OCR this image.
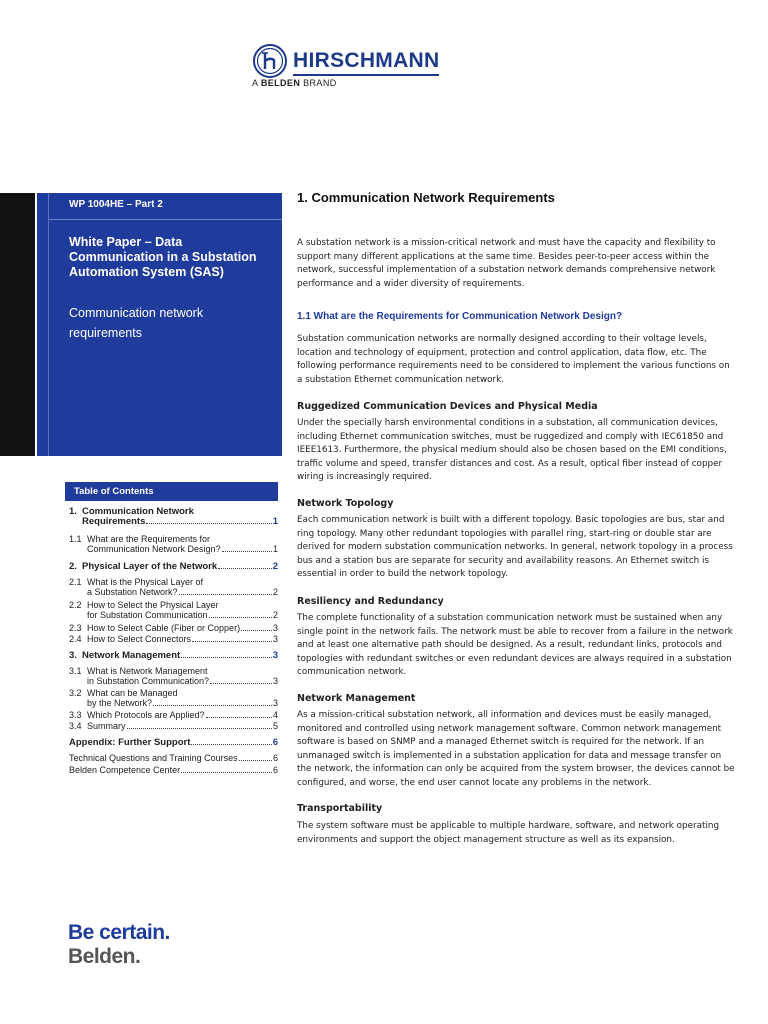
HIRSCHMANN
A BELDEN BRAND
WP 1004HE – Part 2
White Paper – Data Communication in a Substation Automation System (SAS)
Communication network requirements
Table of Contents
1. Communication Network
Requirements	1
1.1 What are the Requirements for
Communication Network Design?	1
2. Physical Layer of the Network	2
2.1 What is the Physical Layer of
a Substation Network?	2
2.2 How to Select the Physical Layer
for Substation Communication	2
2.3 How to Select Cable (Fiber or Copper)	3
2.4 How to Select Connectors	3
3. Network Management	3
3.1 What is Network Management
in Substation Communication?	3
3.2 What can be Managed
by the Network?	3
3.3 Which Protocols are Applied?	4
3.4 Summary	5
Appendix: Further Support	6
Technical Questions and Training Courses	6
Belden Competence Center	6
1. Communication Network Requirements
A substation network is a mission-critical network and must have the capacity and flexibility to support many different applications at the same time. Besides peer-to-peer access within the network, successful implementation of a substation network demands comprehensive network performance and a wider diversity of requirements.
1.1 What are the Requirements for Communication Network Design?
Substation communication networks are normally designed according to their voltage levels, location and technology of equipment, protection and control application, data flow, etc. The following performance requirements need to be considered to implement the various functions on a substation Ethernet communication network.
Ruggedized Communication Devices and Physical Media
Under the specially harsh environmental conditions in a substation, all communication devices, including Ethernet communication switches, must be ruggedized and comply with IEC61850 and IEEE1613. Furthermore, the physical medium should also be chosen based on the EMI conditions, traffic volume and speed, transfer distances and cost. As a result, optical fiber instead of copper wiring is increasingly required.
Network Topology
Each communication network is built with a different topology. Basic topologies are bus, star and ring topology. Many other redundant topologies with parallel ring, start-ring or double star are derived for modern substation communication networks. In general, network topology in a process bus and a station bus are separate for security and availability reasons. An Ethernet switch is essential in order to build the network topology.
Resiliency and Redundancy
The complete functionality of a substation communication network must be sustained when any single point in the network fails. The network must be able to recover from a failure in the network and at least one alternative path should be designed. As a result, redundant links, protocols and topologies with redundant switches or even redundant devices are always required in a substation communication network.
Network Management
As a mission-critical substation network, all information and devices must be easily managed, monitored and controlled using network management software. Common network management software is based on SNMP and a managed Ethernet switch is required for the network. If an unmanaged switch is implemented in a substation application for data and message transfer on the network, the information can only be acquired from the system browser, the devices cannot be configured, and worse, the end user cannot locate any problems in the network.
Transportability
The system software must be applicable to multiple hardware, software, and network operating environments and support the object management structure as well as its expansion.
Be certain.
Belden.
